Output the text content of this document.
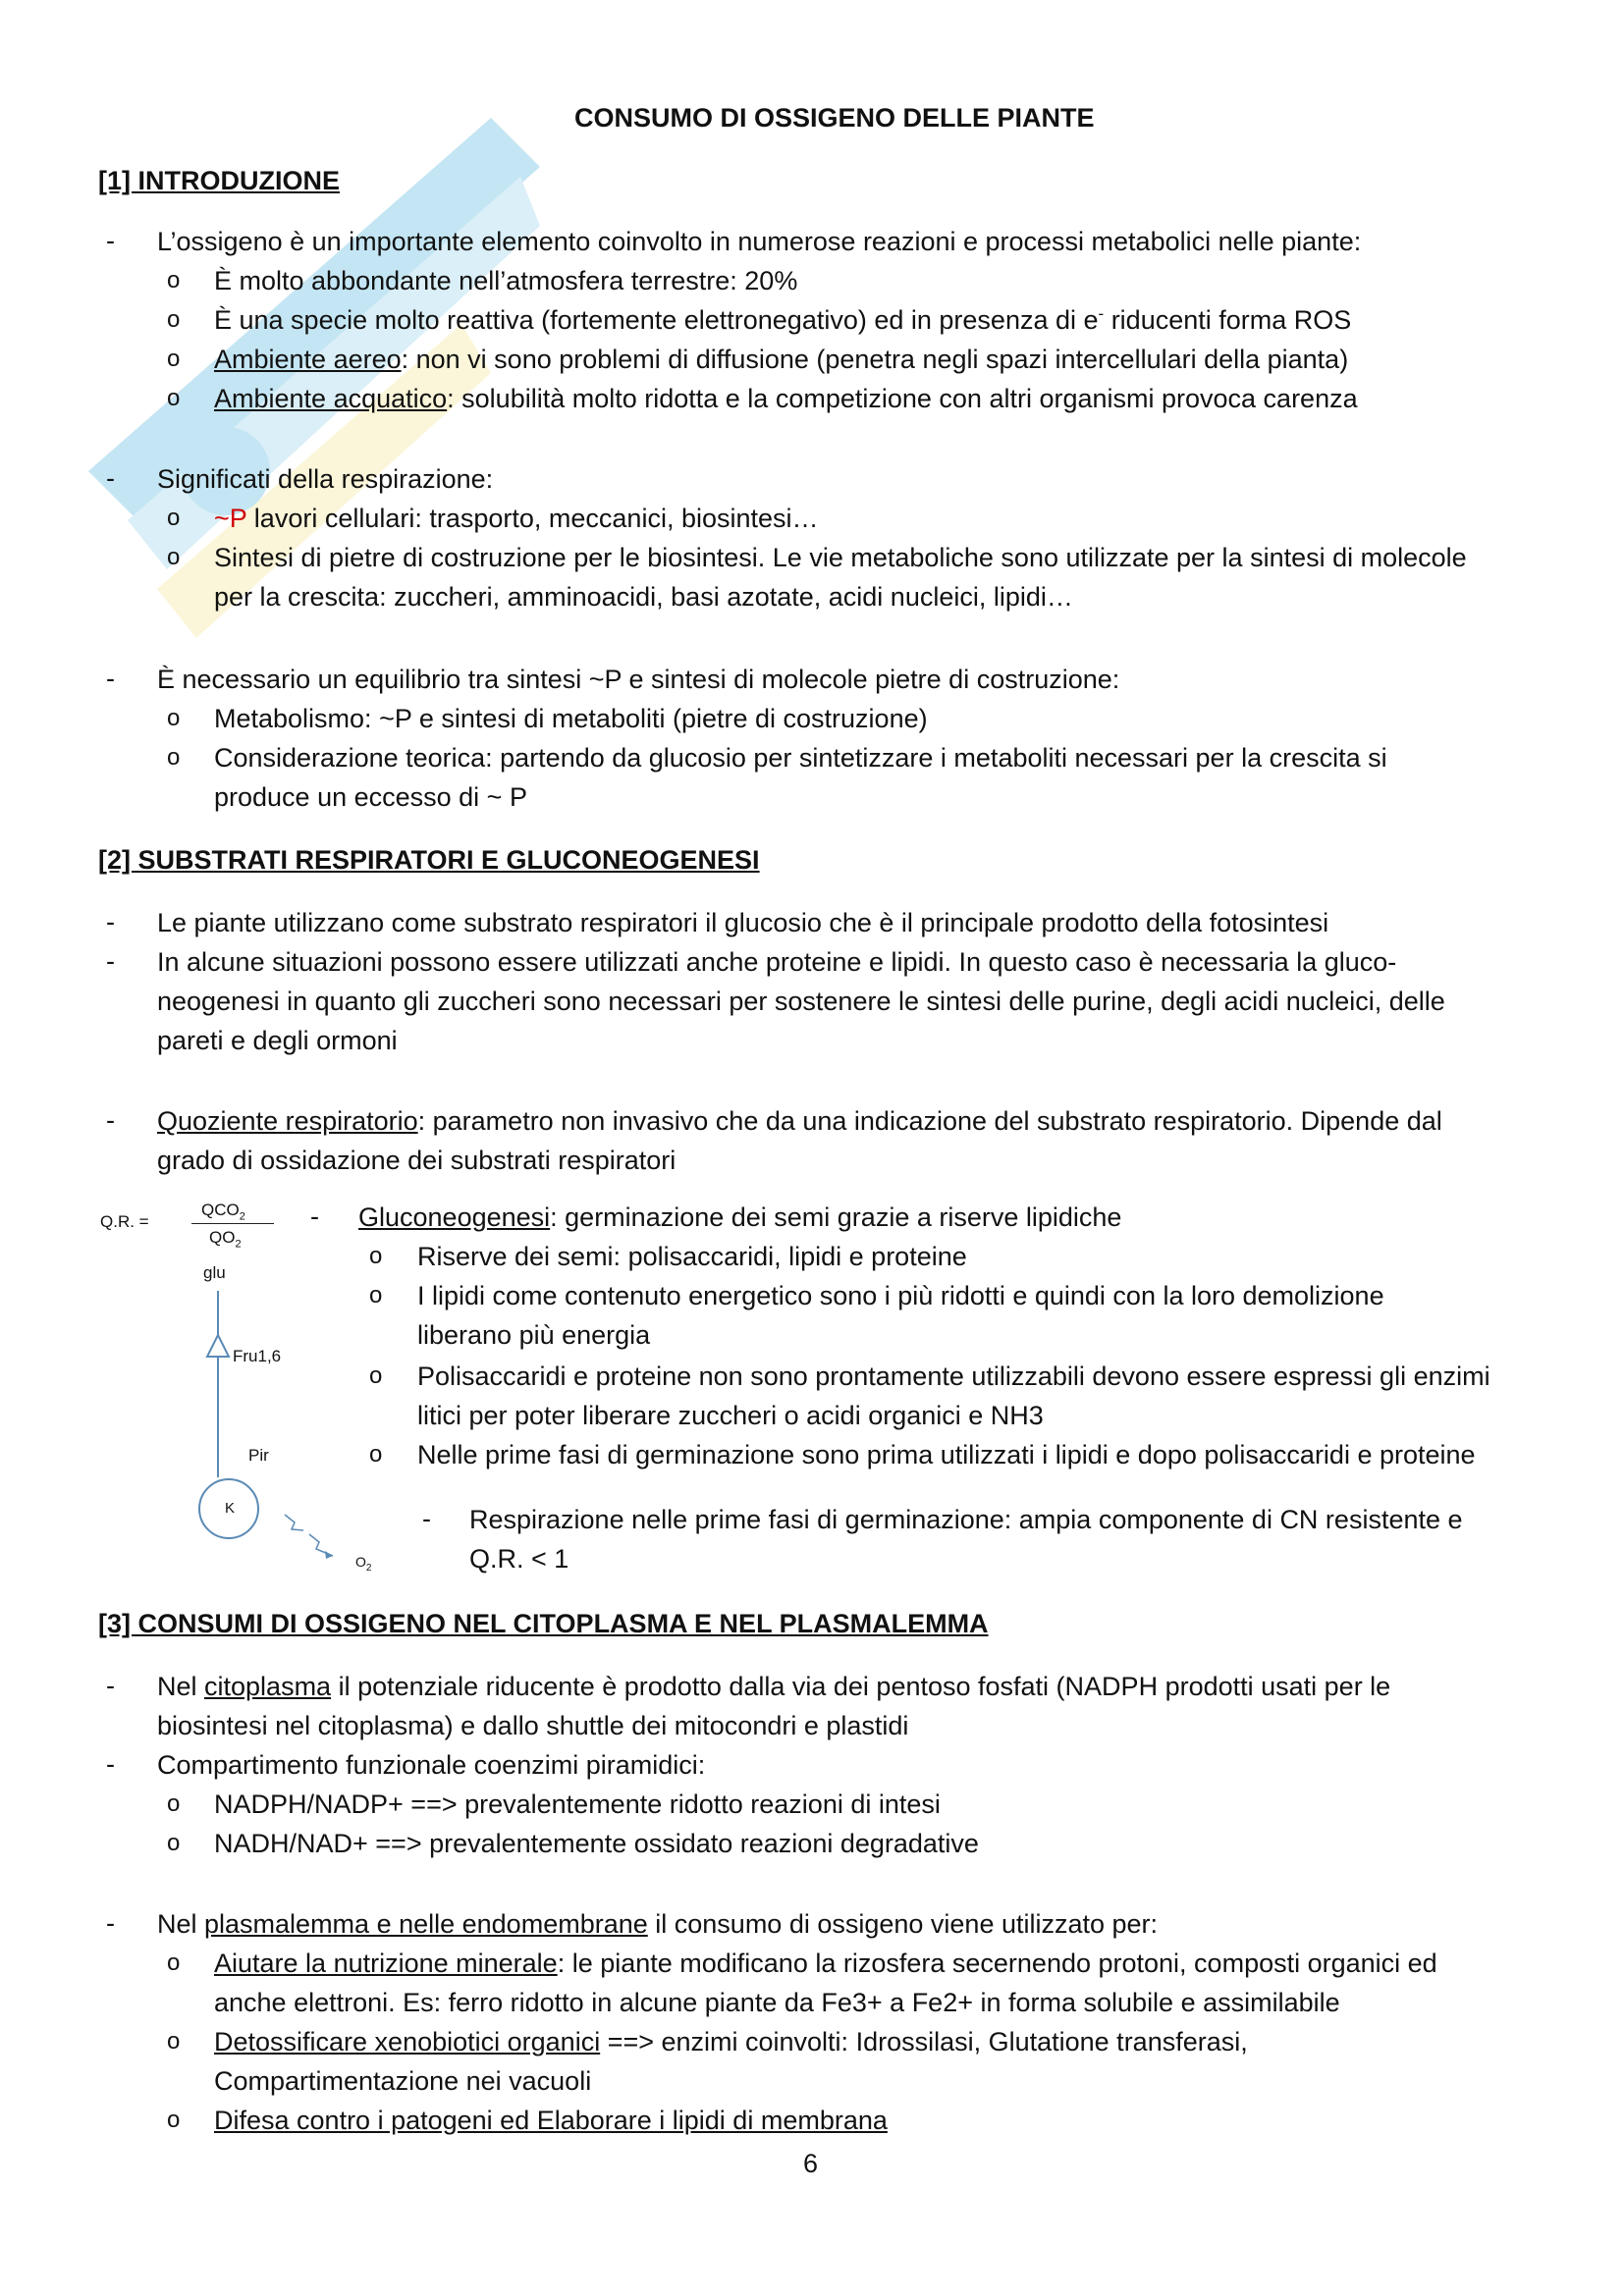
CONSUMO DI OSSIGENO DELLE PIANTE
[1] INTRODUZIONE
- L’ossigeno è un importante elemento coinvolto in numerose reazioni e processi metabolici nelle piante:
o È molto abbondante nell’atmosfera terrestre: 20%
o È una specie molto reattiva (fortemente elettronegativo) ed in presenza di e- riducenti forma ROS
o Ambiente aereo: non vi sono problemi di diffusione (penetra negli spazi intercellulari della pianta)
o Ambiente acquatico: solubilità molto ridotta e la competizione con altri organismi provoca carenza
- Significati della respirazione:
o ~P lavori cellulari: trasporto, meccanici, biosintesi…
o Sintesi di pietre di costruzione per le biosintesi. Le vie metaboliche sono utilizzate per la sintesi di molecole
per la crescita: zuccheri, amminoacidi, basi azotate, acidi nucleici, lipidi…
- È necessario un equilibrio tra sintesi ~P e sintesi di molecole pietre di costruzione:
o Metabolismo: ~P e sintesi di metaboliti (pietre di costruzione)
o Considerazione teorica: partendo da glucosio per sintetizzare i metaboliti necessari per la crescita si
produce un eccesso di ~ P
[2] SUBSTRATI RESPIRATORI E GLUCONEOGENESI
- Le piante utilizzano come substrato respiratori il glucosio che è il principale prodotto della fotosintesi
- In alcune situazioni possono essere utilizzati anche proteine e lipidi. In questo caso è necessaria la gluco-
neogenesi in quanto gli zuccheri sono necessari per sostenere le sintesi delle purine, degli acidi nucleici, delle
pareti e degli ormoni
- Quoziente respiratorio: parametro non invasivo che da una indicazione del substrato respiratorio. Dipende dal
grado di ossidazione dei substrati respiratori
Q.R. =
$QCO_2$
$QO_2$
glu
Fru1,6
Pir
K
$O_2$
- Gluconeogenesi: germinazione dei semi grazie a riserve lipidiche
o Riserve dei semi: polisaccaridi, lipidi e proteine
o I lipidi come contenuto energetico sono i più ridotti e quindi con la loro demolizione
liberano più energia
o Polisaccaridi e proteine non sono prontamente utilizzabili devono essere espressi gli enzimi
litici per poter liberare zuccheri o acidi organici e NH3
o Nelle prime fasi di germinazione sono prima utilizzati i lipidi e dopo polisaccaridi e proteine
- Respirazione nelle prime fasi di germinazione: ampia componente di CN resistente e
Q.R. < 1
[3] CONSUMI DI OSSIGENO NEL CITOPLASMA E NEL PLASMALEMMA
- Nel citoplasma il potenziale riducente è prodotto dalla via dei pentoso fosfati (NADPH prodotti usati per le
biosintesi nel citoplasma) e dallo shuttle dei mitocondri e plastidi
- Compartimento funzionale coenzimi piramidici:
o NADPH/NADP+ ==> prevalentemente ridotto reazioni di intesi
o NADH/NAD+ ==> prevalentemente ossidato reazioni degradative
- Nel plasmalemma e nelle endomembrane il consumo di ossigeno viene utilizzato per:
o Aiutare la nutrizione minerale: le piante modificano la rizosfera secernendo protoni, composti organici ed
anche elettroni. Es: ferro ridotto in alcune piante da Fe3+ a Fe2+ in forma solubile e assimilabile
o Detossificare xenobiotici organici ==> enzimi coinvolti: Idrossilasi, Glutatione transferasi,
Compartimentazione nei vacuoli
o Difesa contro i patogeni ed Elaborare i lipidi di membrana
6
